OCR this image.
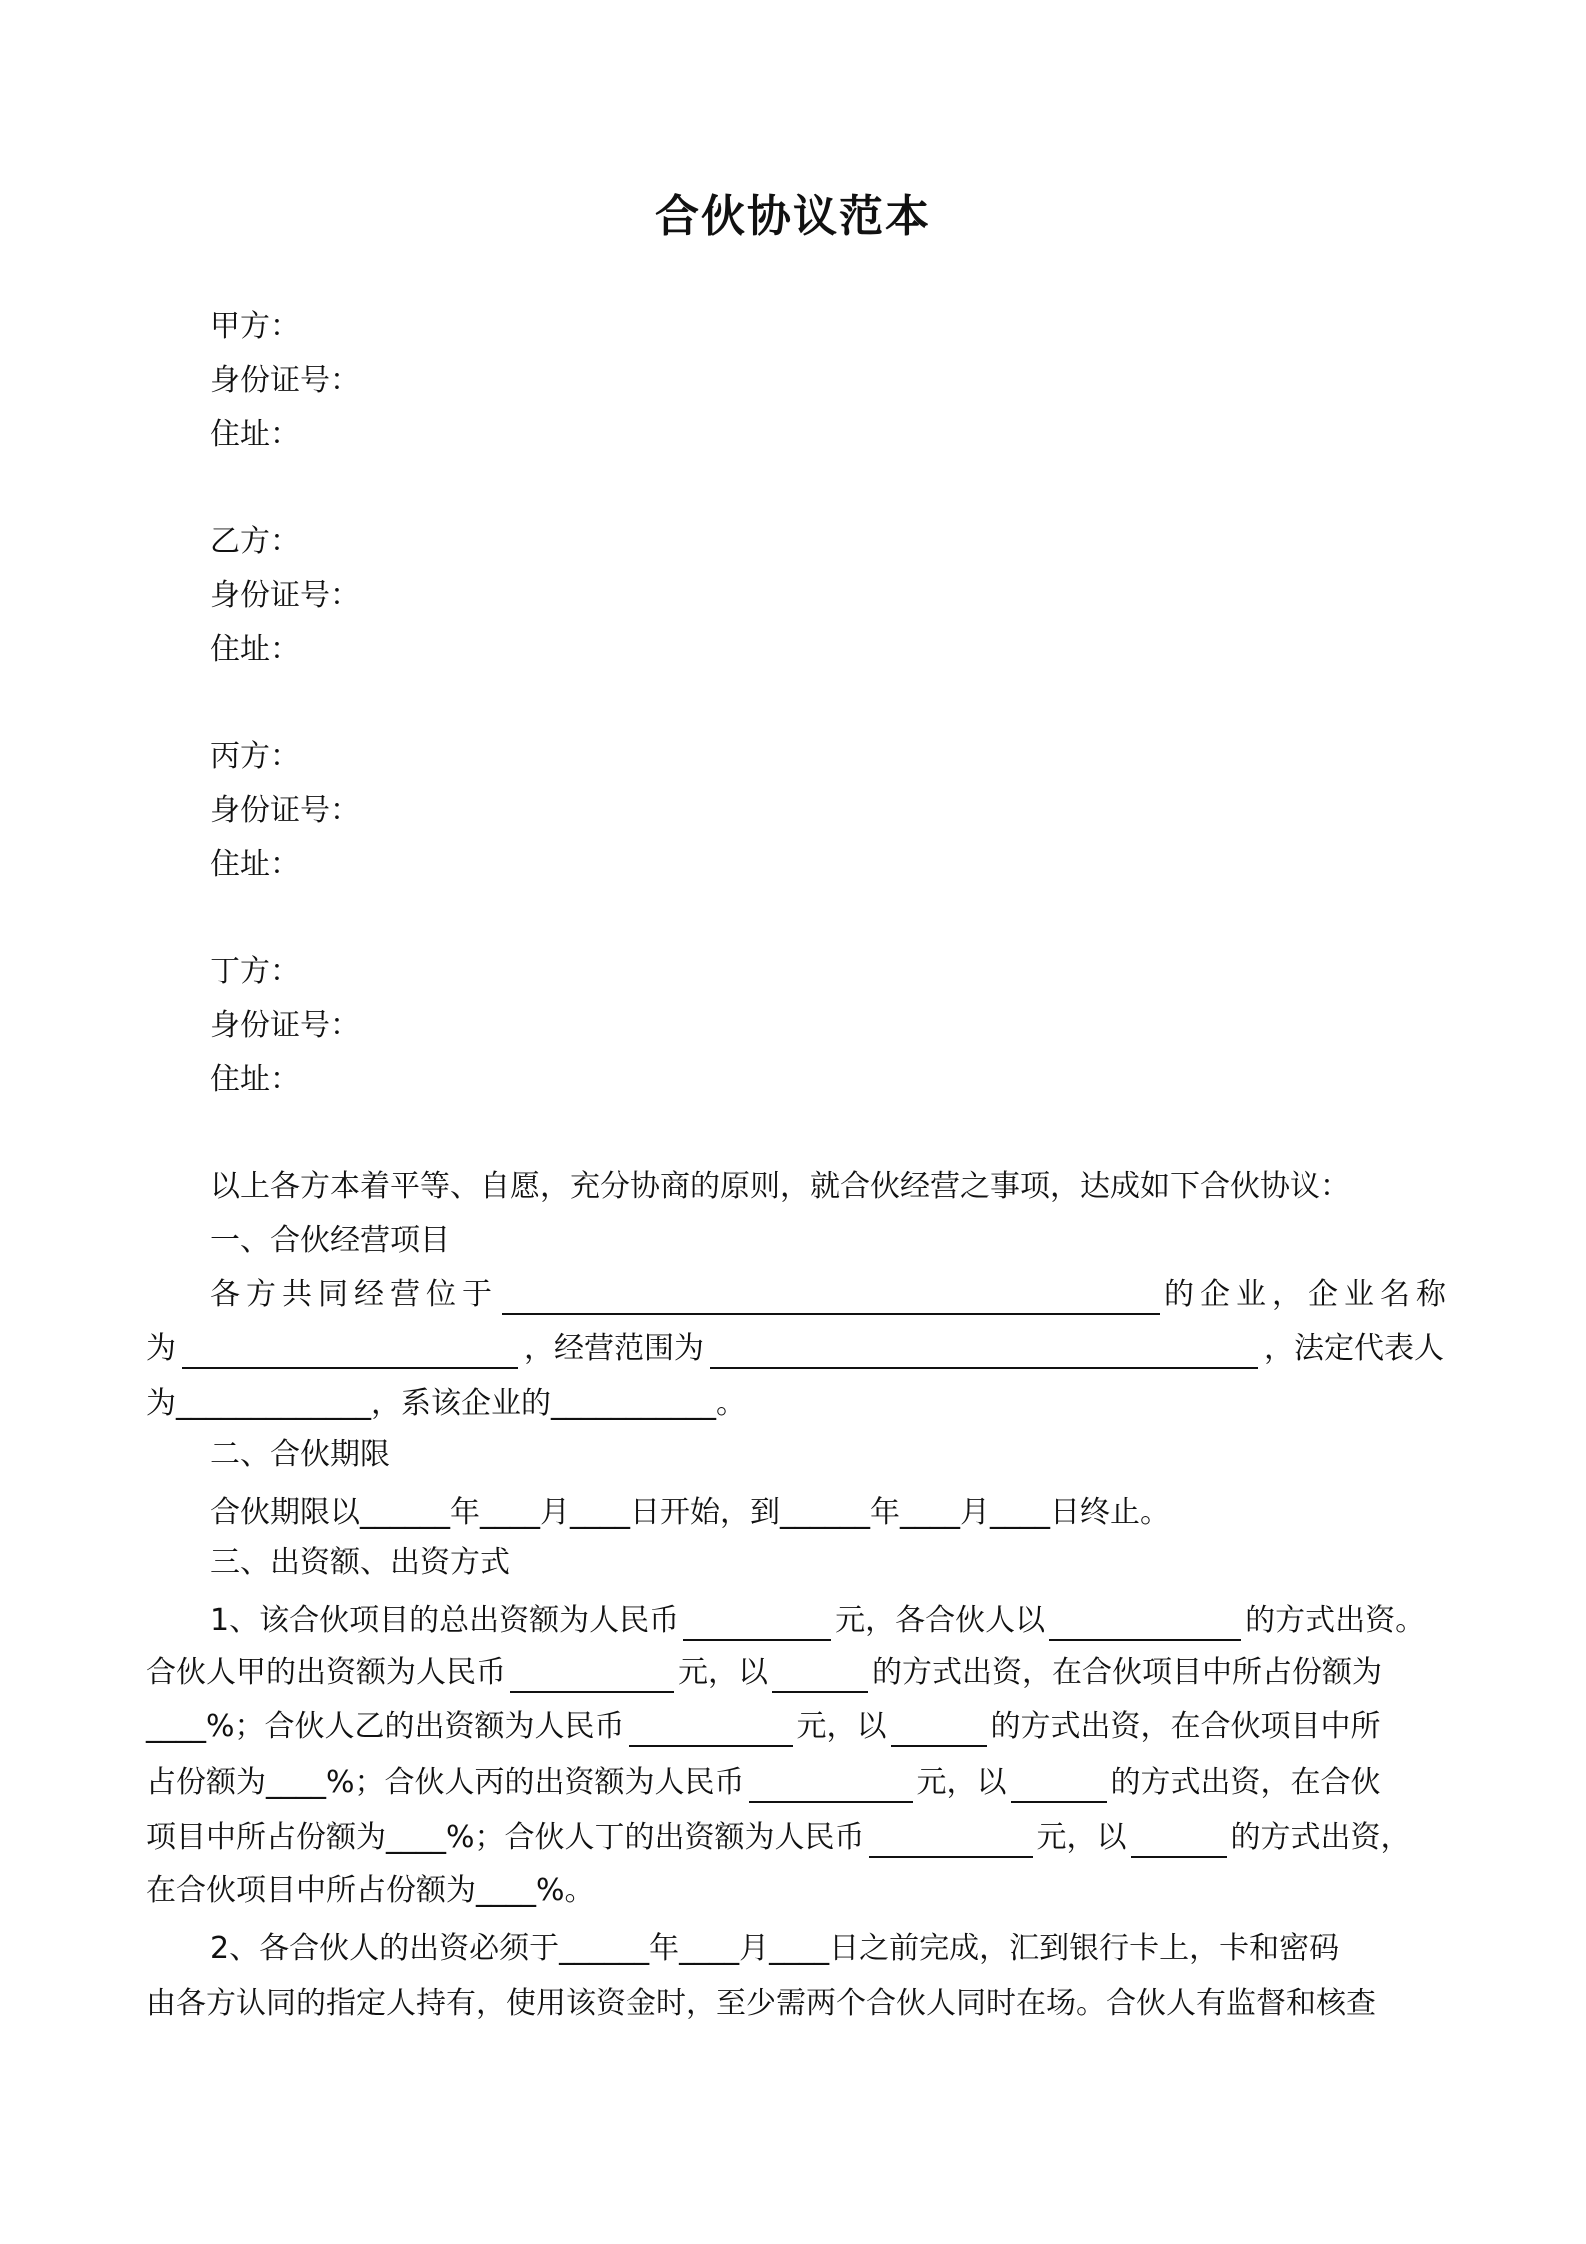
合伙协议范本
甲方：
身份证号：
住址：
乙方：
身份证号：
住址：
丙方：
身份证号：
住址：
丁方：
身份证号：
住址：
以上各方本着平等、自愿，充分协商的原则，就合伙经营之事项，达成如下合伙协议：
一、合伙经营项目
各方共同经营位于	的企业，企业名称
为	，经营范围为	，法定代表人
为_____________，系该企业的___________。
二、合伙期限
合伙期限以______年____月____日开始，到______年____月____日终止。
三、出资额、出资方式
1、该合伙项目的总出资额为人民币	元，各合伙人以	的方式出资。
合伙人甲的出资额为人民币	元，以	的方式出资，在合伙项目中所占份额为
____%；合伙人乙的出资额为人民币	元，以	的方式出资，在合伙项目中所
占份额为____%；合伙人丙的出资额为人民币	元，以	的方式出资，在合伙
项目中所占份额为____%；合伙人丁的出资额为人民币	元，以	的方式出资，
在合伙项目中所占份额为____%。
2、各合伙人的出资必须于______年____月____日之前完成，汇到银行卡上，卡和密码
由各方认同的指定人持有，使用该资金时，至少需两个合伙人同时在场。合伙人有监督和核查
